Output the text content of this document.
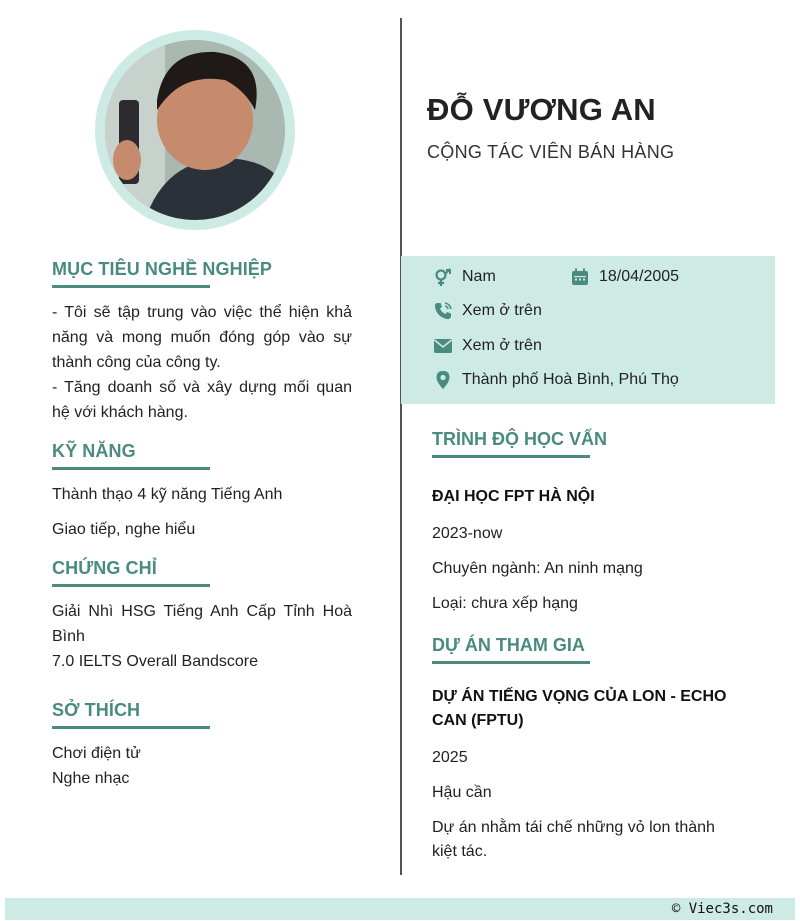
ĐỖ VƯƠNG AN
CỘNG TÁC VIÊN BÁN HÀNG
MỤC TIÊU NGHỀ NGHIỆP
- Tôi sẽ tập trung vào việc thể hiện khả năng và mong muốn đóng góp vào sự thành công của công ty.
- Tăng doanh số và xây dựng mối quan hệ với khách hàng.
KỸ NĂNG
Thành thạo 4 kỹ năng Tiếng Anh
Giao tiếp, nghe hiểu
CHỨNG CHỈ
Giải Nhì HSG Tiếng Anh Cấp Tỉnh Hoà Bình
7.0 IELTS Overall Bandscore
SỞ THÍCH
Chơi điện tử
Nghe nhạc
Nam	18/04/2005
Xem ở trên
Xem ở trên
Thành phố Hoà Bình, Phú Thọ
TRÌNH ĐỘ HỌC VẤN
ĐẠI HỌC FPT HÀ NỘI
2023-now
Chuyên ngành: An ninh mạng
Loại: chưa xếp hạng
DỰ ÁN THAM GIA
DỰ ÁN TIẾNG VỌNG CỦA LON - ECHO CAN (FPTU)
2025
Hậu cần
Dự án nhằm tái chế những vỏ lon thành kiệt tác.
© Viec3s.com
